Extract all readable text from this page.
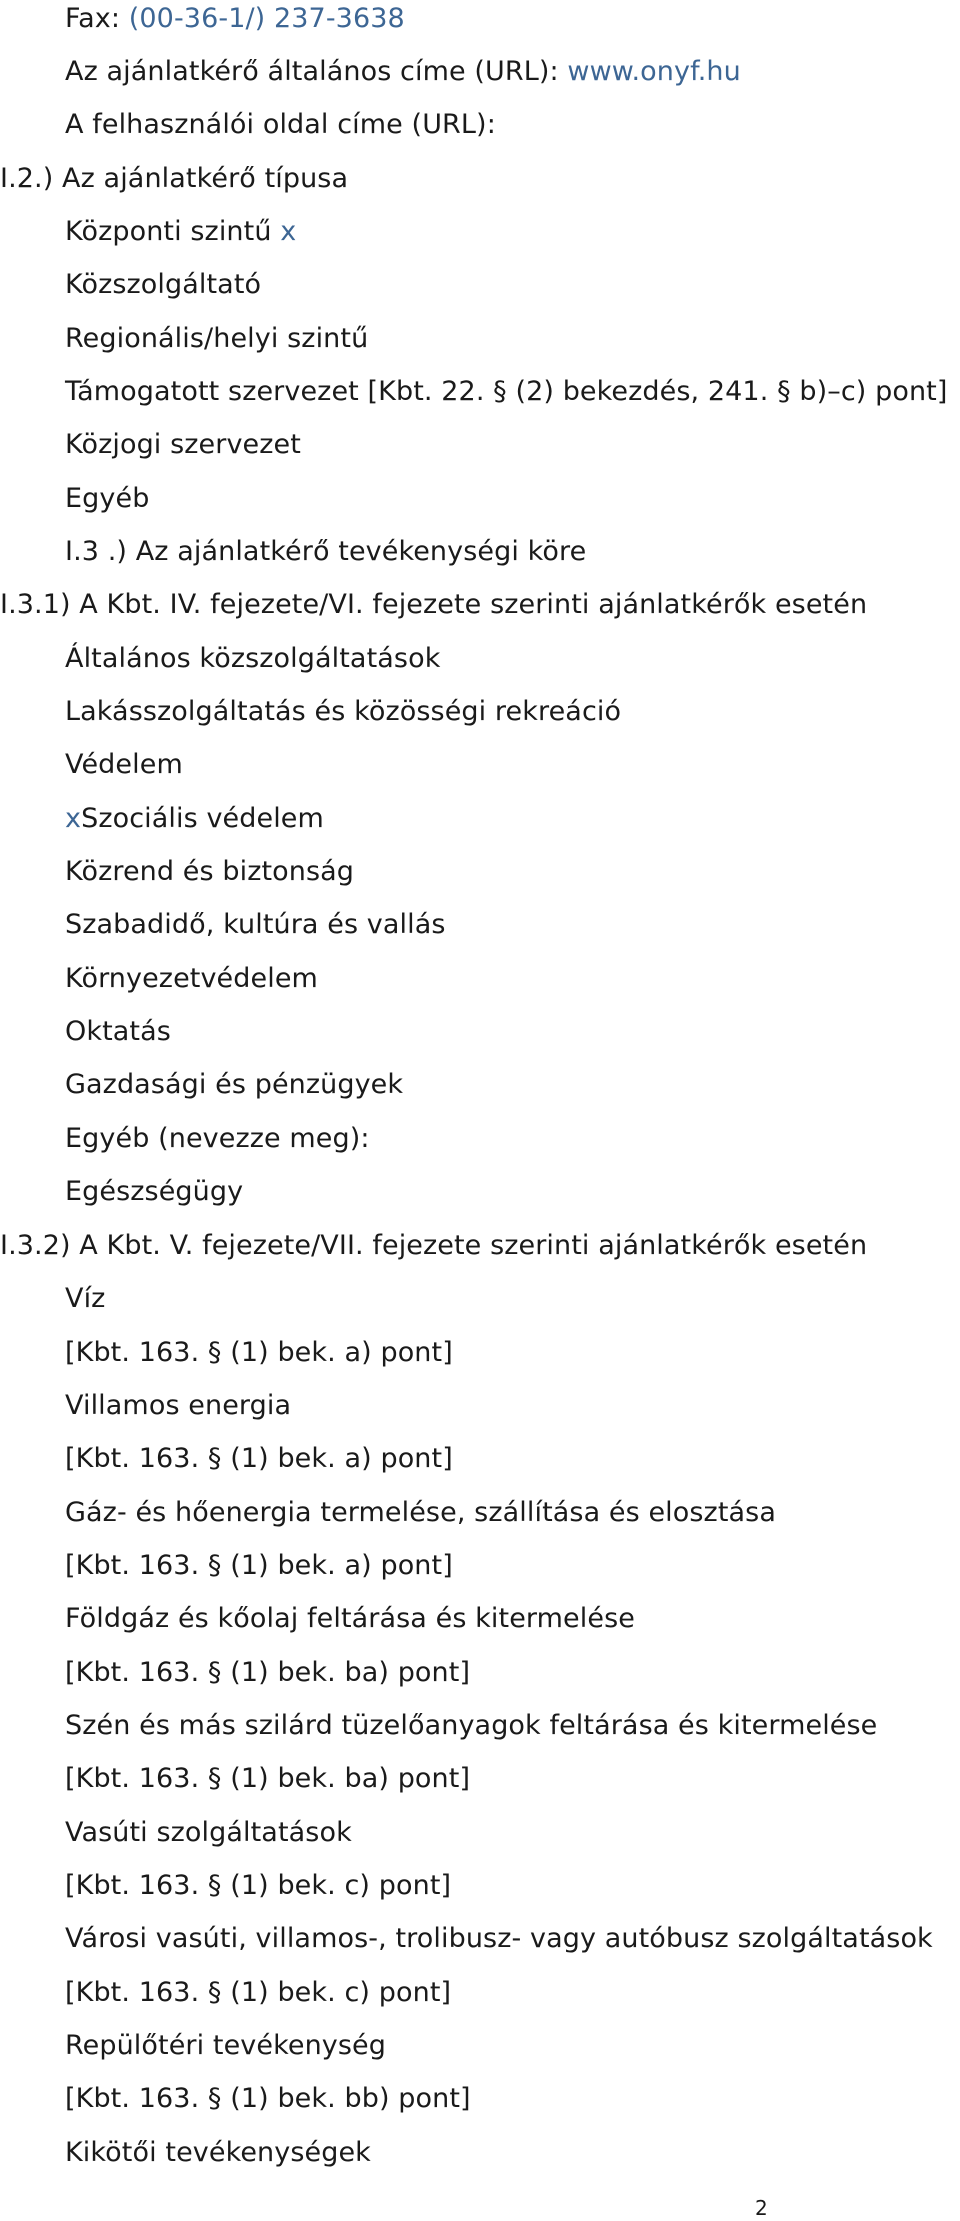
Fax: (00-36-1/) 237-3638
Az ajánlatkérő általános címe (URL): www.onyf.hu
A felhasználói oldal címe (URL):
I.2.) Az ajánlatkérő típusa
Központi szintű x
Közszolgáltató
Regionális/helyi szintű
Támogatott szervezet [Kbt. 22. § (2) bekezdés, 241. § b)–c) pont]
Közjogi szervezet
Egyéb
I.3 .) Az ajánlatkérő tevékenységi köre
I.3.1) A Kbt. IV. fejezete/VI. fejezete szerinti ajánlatkérők esetén
Általános közszolgáltatások
Lakásszolgáltatás és közösségi rekreáció
Védelem
xSzociális védelem
Közrend és biztonság
Szabadidő, kultúra és vallás
Környezetvédelem
Oktatás
Gazdasági és pénzügyek
Egyéb (nevezze meg):
Egészségügy
I.3.2) A Kbt. V. fejezete/VII. fejezete szerinti ajánlatkérők esetén
Víz
[Kbt. 163. § (1) bek. a) pont]
Villamos energia
[Kbt. 163. § (1) bek. a) pont]
Gáz- és hőenergia termelése, szállítása és elosztása
[Kbt. 163. § (1) bek. a) pont]
Földgáz és kőolaj feltárása és kitermelése
[Kbt. 163. § (1) bek. ba) pont]
Szén és más szilárd tüzelőanyagok feltárása és kitermelése
[Kbt. 163. § (1) bek. ba) pont]
Vasúti szolgáltatások
[Kbt. 163. § (1) bek. c) pont]
Városi vasúti, villamos-, trolibusz- vagy autóbusz szolgáltatások
[Kbt. 163. § (1) bek. c) pont]
Repülőtéri tevékenység
[Kbt. 163. § (1) bek. bb) pont]
Kikötői tevékenységek
2
